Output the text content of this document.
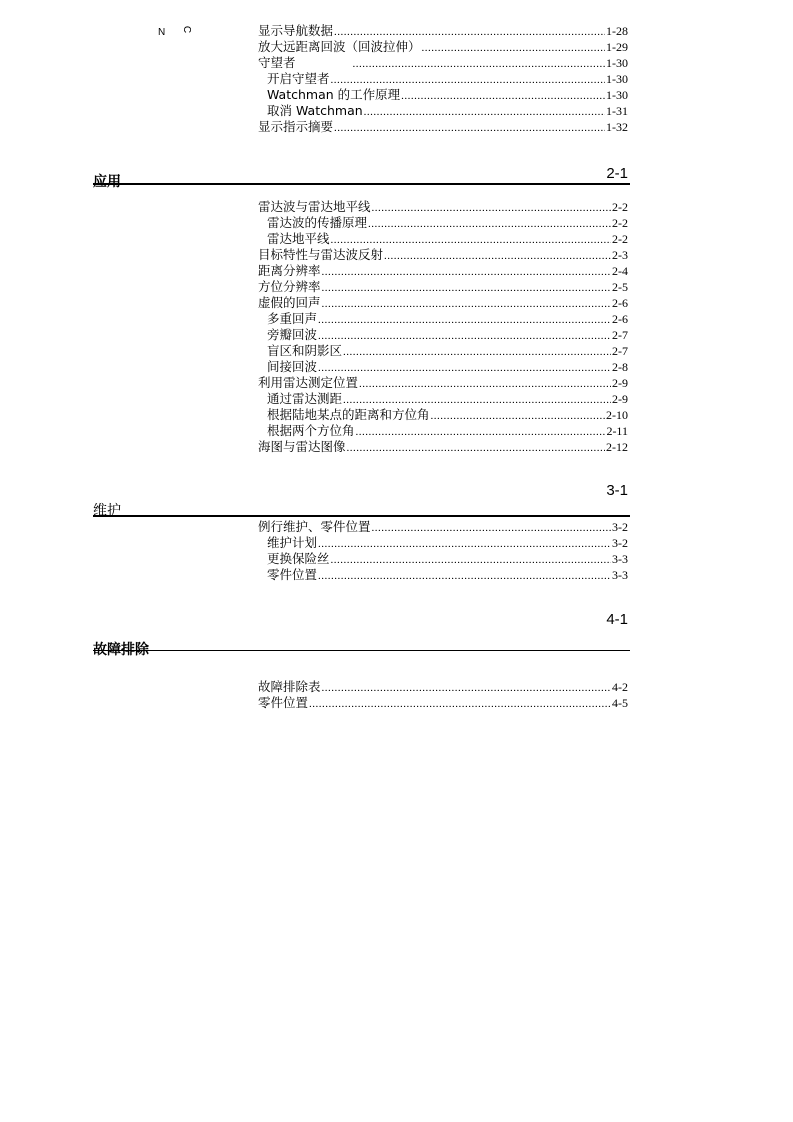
N C	显示导航数据 .....	1-28
放大远距离回波（回波拉伸） .....	1-29
守望者 .....	1-30
开启守望者 .....	1-30
Watchman 的工作原理 .....	1-30
取消 Watchman .....	1-31
显示指示摘要 .....	1-32
应用	2-1
雷达波与雷达地平线 .....	2-2
雷达波的传播原理 .....	2-2
雷达地平线 .....	2-2
目标特性与雷达波反射 .....	2-3
距离分辨率 .....	2-4
方位分辨率 .....	2-5
虚假的回声 .....	2-6
多重回声 .....	2-6
旁瓣回波 .....	2-7
盲区和阴影区 .....	2-7
间接回波 .....	2-8
利用雷达测定位置 .....	2-9
通过雷达测距 .....	2-9
根据陆地某点的距离和方位角 .....	2-10
根据两个方位角 .....	2-11
海图与雷达图像 .....	2-12
3-1
维护
例行维护、零件位置 .....	3-2
维护计划 .....	3-2
更换保险丝 .....	3-3
零件位置 .....	3-3
4-1
故障排除
故障排除表 .....	4-2
零件位置 .....	4-5
